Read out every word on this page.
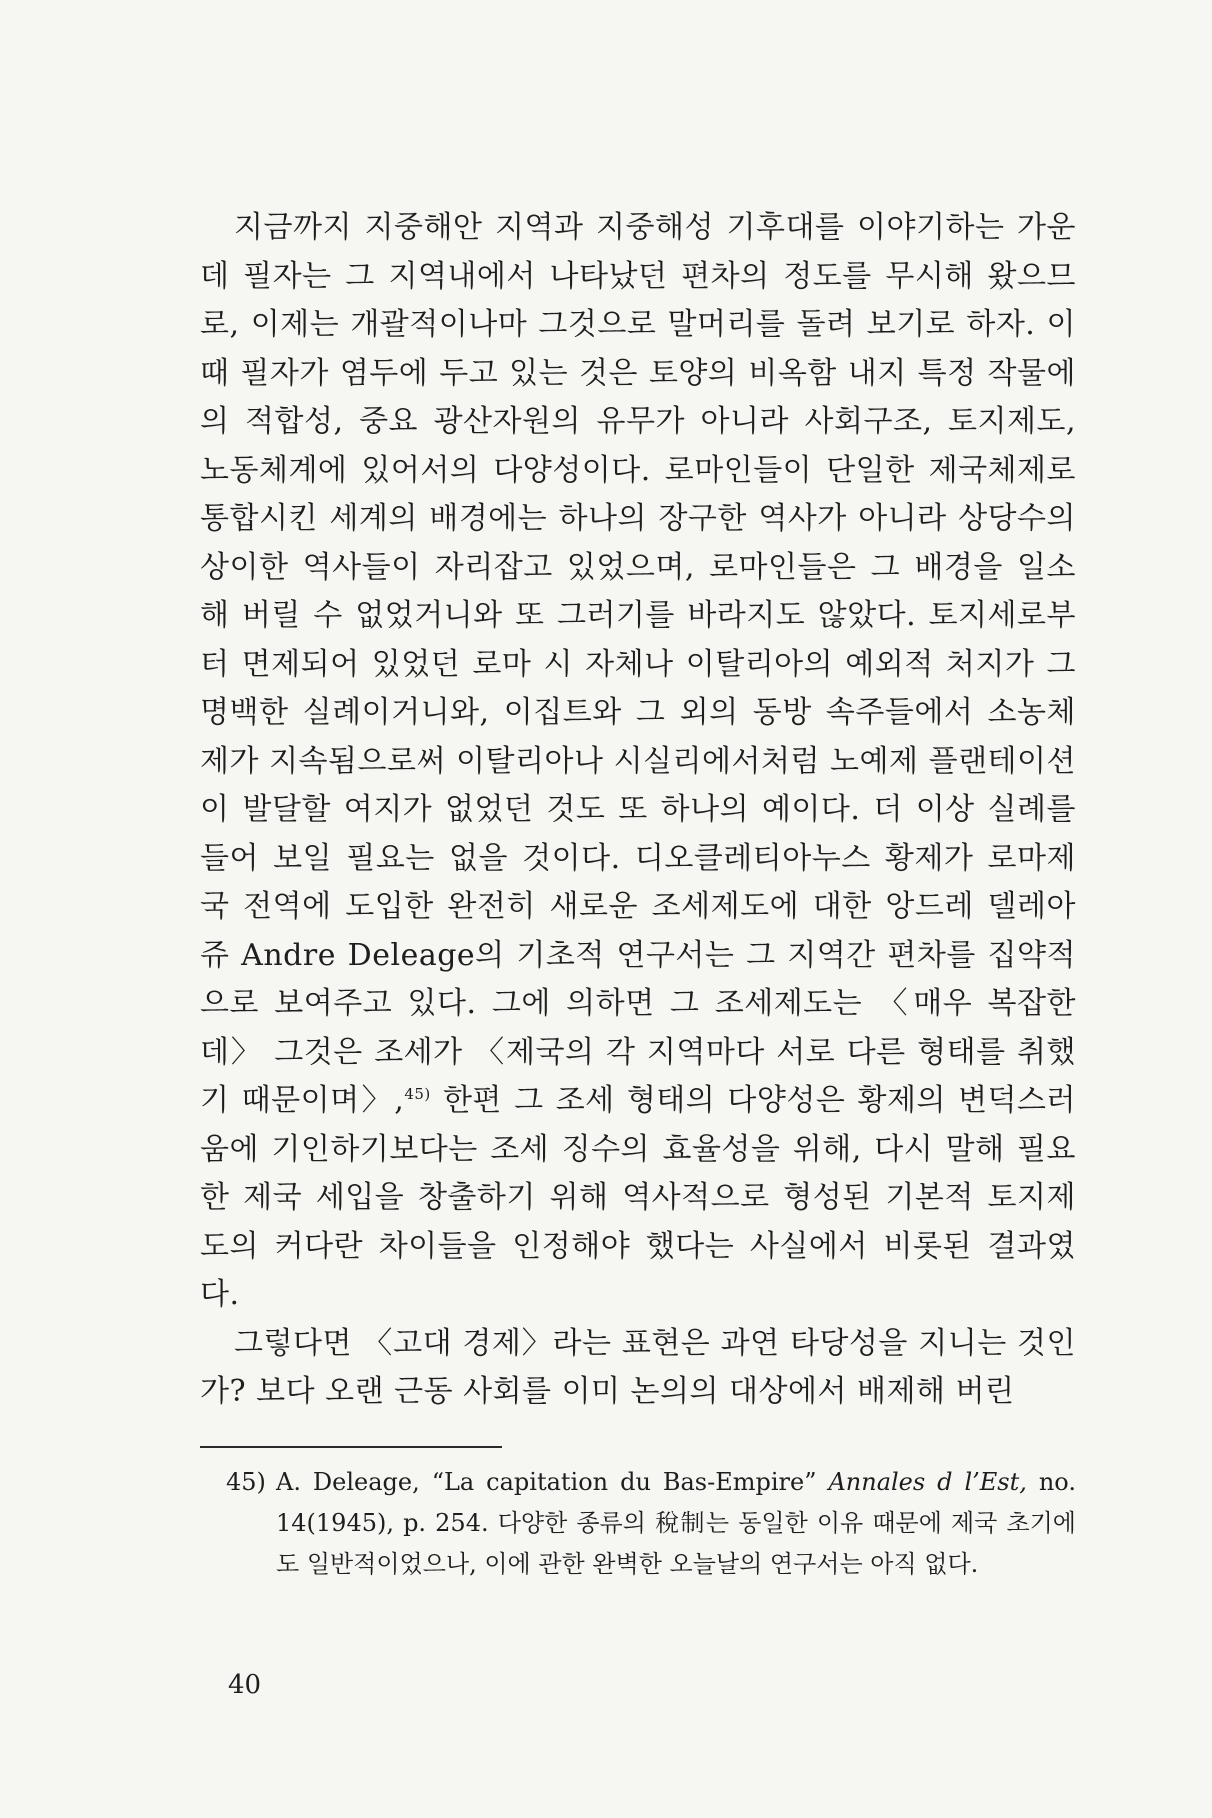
지금까지 지중해안 지역과 지중해성 기후대를 이야기하는 가운데 필자는 그 지역내에서 나타났던 편차의 정도를 무시해 왔으므로, 이제는 개괄적이나마 그것으로 말머리를 돌려 보기로 하자. 이때 필자가 염두에 두고 있는 것은 토양의 비옥함 내지 특정 작물에의 적합성, 중요 광산자원의 유무가 아니라 사회구조, 토지제도, 노동체계에 있어서의 다양성이다. 로마인들이 단일한 제국체제로 통합시킨 세계의 배경에는 하나의 장구한 역사가 아니라 상당수의 상이한 역사들이 자리잡고 있었으며, 로마인들은 그 배경을 일소해 버릴 수 없었거니와 또 그러기를 바라지도 않았다. 토지세로부터 면제되어 있었던 로마 시 자체나 이탈리아의 예외적 처지가 그 명백한 실례이거니와, 이집트와 그 외의 동방 속주들에서 소농체제가 지속됨으로써 이탈리아나 시실리에서처럼 노예제 플랜테이션이 발달할 여지가 없었던 것도 또 하나의 예이다. 더 이상 실례를 들어 보일 필요는 없을 것이다. 디오클레티아누스 황제가 로마제국 전역에 도입한 완전히 새로운 조세제도에 대한 앙드레 델레아쥬 Andre Deleage의 기초적 연구서는 그 지역간 편차를 집약적으로 보여주고 있다. 그에 의하면 그 조세제도는 〈매우 복잡한데〉 그것은 조세가 〈제국의 각 지역마다 서로 다른 형태를 취했기 때문이며〉,$^{45)}$ 한편 그 조세 형태의 다양성은 황제의 변덕스러움에 기인하기보다는 조세 징수의 효율성을 위해, 다시 말해 필요한 제국 세입을 창출하기 위해 역사적으로 형성된 기본적 토지제도의 커다란 차이들을 인정해야 했다는 사실에서 비롯된 결과였다.

그렇다면 〈고대 경제〉라는 표현은 과연 타당성을 지니는 것인가? 보다 오랜 근동 사회를 이미 논의의 대상에서 배제해 버린

45) A. Deleage, “La capitation du Bas-Empire” Annales d l’Est, no. 14(1945), p. 254. 다양한 종류의 稅制는 동일한 이유 때문에 제국 초기에도 일반적이었으나, 이에 관한 완벽한 오늘날의 연구서는 아직 없다.
40
